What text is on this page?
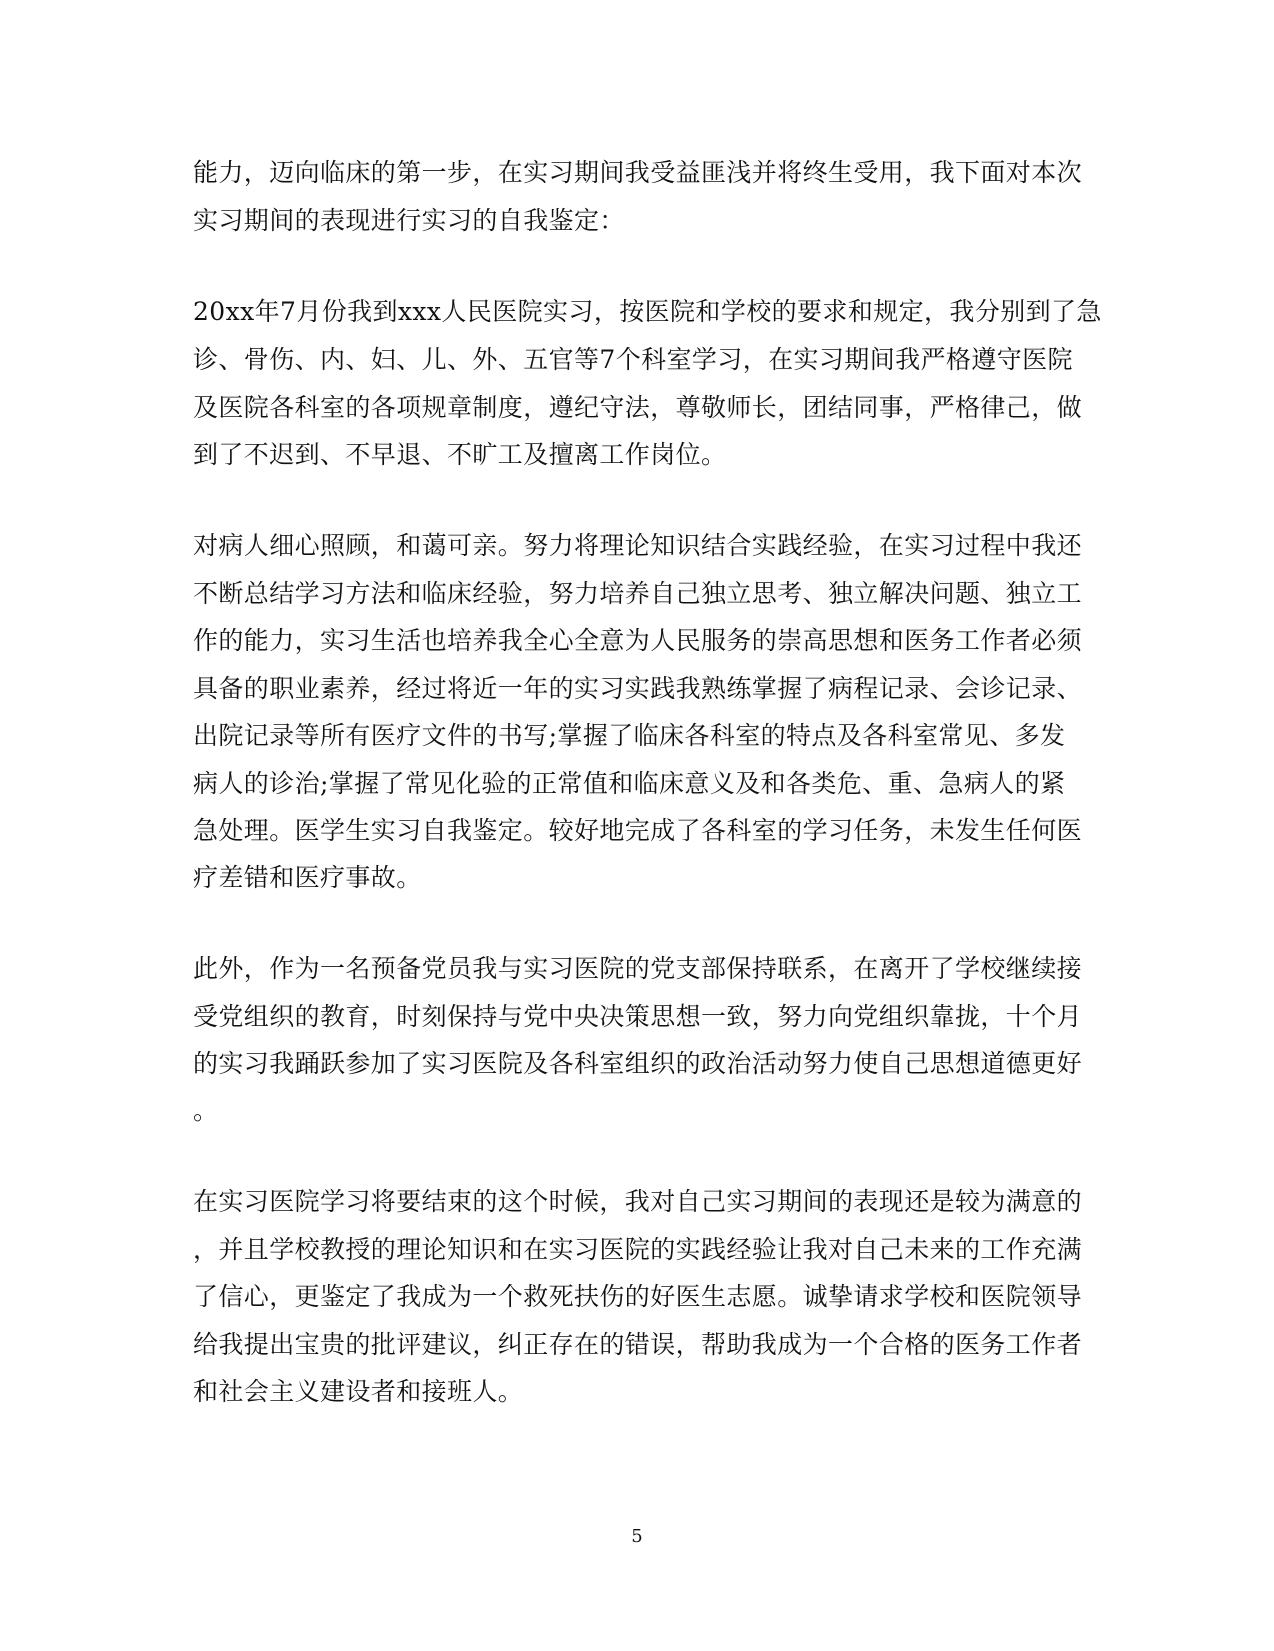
能力，迈向临床的第一步，在实习期间我受益匪浅并将终生受用，我下面对本次
实习期间的表现进行实习的自我鉴定：
20xx年7月份我到xxx人民医院实习，按医院和学校的要求和规定，我分别到了急
诊、骨伤、内、妇、儿、外、五官等7个科室学习，在实习期间我严格遵守医院
及医院各科室的各项规章制度，遵纪守法，尊敬师长，团结同事，严格律己，做
到了不迟到、不早退、不旷工及擅离工作岗位。
对病人细心照顾，和蔼可亲。努力将理论知识结合实践经验，在实习过程中我还
不断总结学习方法和临床经验，努力培养自己独立思考、独立解决问题、独立工
作的能力，实习生活也培养我全心全意为人民服务的崇高思想和医务工作者必须
具备的职业素养，经过将近一年的实习实践我熟练掌握了病程记录、会诊记录、
出院记录等所有医疗文件的书写;掌握了临床各科室的特点及各科室常见、多发
病人的诊治;掌握了常见化验的正常值和临床意义及和各类危、重、急病人的紧
急处理。医学生实习自我鉴定。较好地完成了各科室的学习任务，未发生任何医
疗差错和医疗事故。
此外，作为一名预备党员我与实习医院的党支部保持联系，在离开了学校继续接
受党组织的教育，时刻保持与党中央决策思想一致，努力向党组织靠拢，十个月
的实习我踊跃参加了实习医院及各科室组织的政治活动努力使自己思想道德更好
。
在实习医院学习将要结束的这个时候，我对自己实习期间的表现还是较为满意的
，并且学校教授的理论知识和在实习医院的实践经验让我对自己未来的工作充满
了信心，更鉴定了我成为一个救死扶伤的好医生志愿。诚挚请求学校和医院领导
给我提出宝贵的批评建议，纠正存在的错误，帮助我成为一个合格的医务工作者
和社会主义建设者和接班人。
5
